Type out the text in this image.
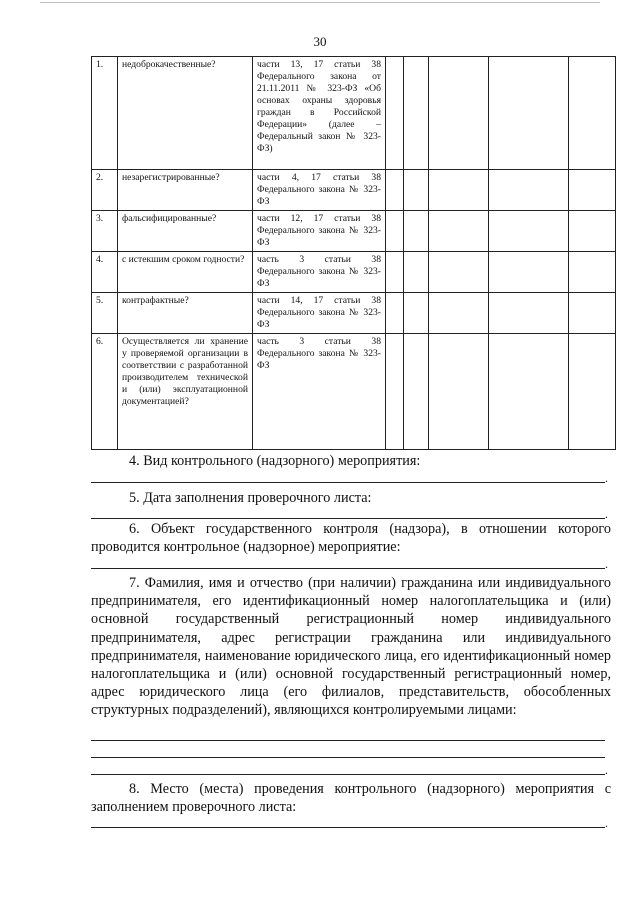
30
1.	недоброкачественные?	части 13, 17 статьи 38 Федерального закона от 21.11.2011 № 323-ФЗ «Об основах охраны здоровья граждан в Российской Федерации» (далее – Федеральный закон № 323-ФЗ)					
2.	незарегистрированные?	части 4, 17 статьи 38 Федерального закона № 323-ФЗ					
3.	фальсифицированные?	части 12, 17 статьи 38 Федерального закона № 323-ФЗ					
4.	с истекшим сроком годности?	часть 3 статьи 38 Федерального закона № 323-ФЗ					
5.	контрафактные?	части 14, 17 статьи 38 Федерального закона № 323-ФЗ					
6.	Осуществляется ли хранение у проверяемой организации в соответствии с разработанной производителем технической и (или) эксплуатационной документацией?	часть 3 статьи 38 Федерального закона № 323-ФЗ					
4. Вид контрольного (надзорного) мероприятия:
.
5. Дата заполнения проверочного листа:
.
6. Объект государственного контроля (надзора), в отношении которого проводится контрольное (надзорное) мероприятие:
.
7. Фамилия, имя и отчество (при наличии) гражданина или индивидуального предпринимателя, его идентификационный номер налогоплательщика и (или) основной государственный регистрационный номер индивидуального предпринимателя, адрес регистрации гражданина или индивидуального предпринимателя, наименование юридического лица, его идентификационный номер налогоплательщика и (или) основной государственный регистрационный номер, адрес юридического лица (его филиалов, представительств, обособленных структурных подразделений), являющихся контролируемыми лицами:
.
8. Место (места) проведения контрольного (надзорного) мероприятия с заполнением проверочного листа:
.
